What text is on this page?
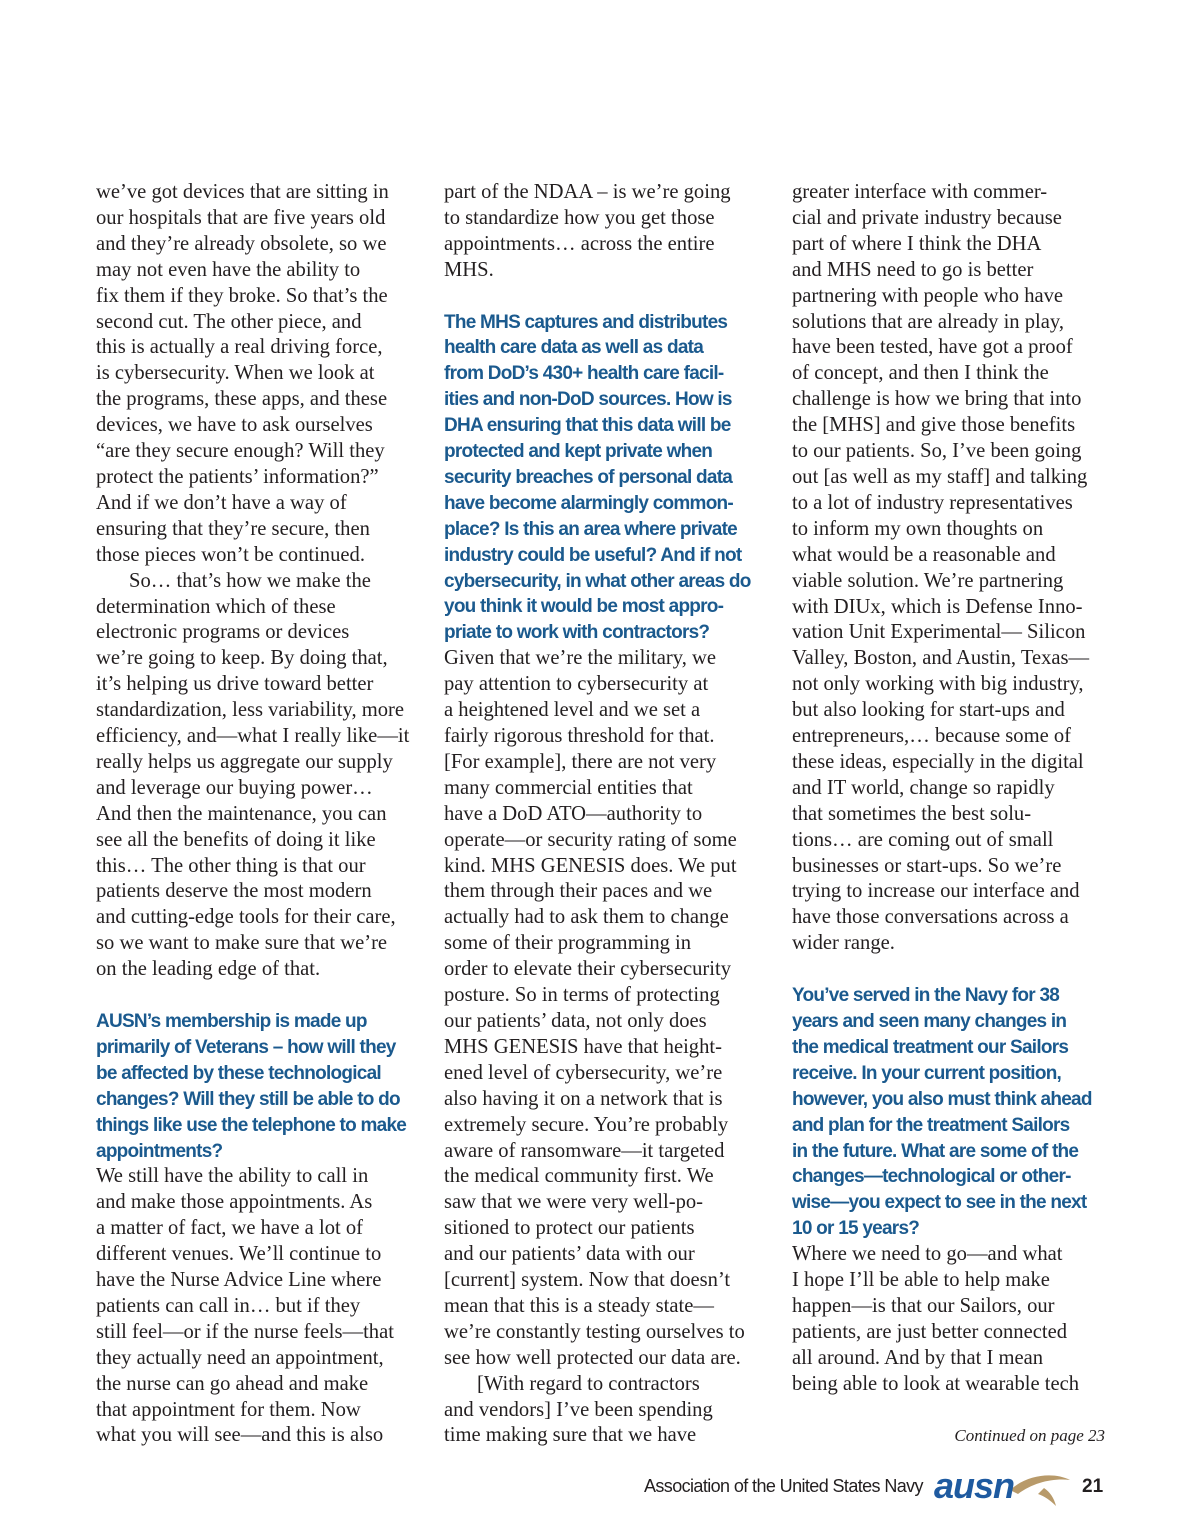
we’ve got devices that are sitting in
our hospitals that are five years old
and they’re already obsolete, so we
may not even have the ability to
fix them if they broke. So that’s the
second cut. The other piece, and
this is actually a real driving force,
is cybersecurity. When we look at
the programs, these apps, and these
devices, we have to ask ourselves
“are they secure enough? Will they
protect the patients’ information?”
And if we don’t have a way of
ensuring that they’re secure, then
those pieces won’t be continued.

So… that’s how we make the
determination which of these
electronic programs or devices
we’re going to keep. By doing that,
it’s helping us drive toward better
standardization, less variability, more
efficiency, and—what I really like—it
really helps us aggregate our supply
and leverage our buying power…
And then the maintenance, you can
see all the benefits of doing it like
this… The other thing is that our
patients deserve the most modern
and cutting-edge tools for their care,
so we want to make sure that we’re
on the leading edge of that.

AUSN’s membership is made up
primarily of Veterans – how will they
be affected by these technological
changes? Will they still be able to do
things like use the telephone to make
appointments?

We still have the ability to call in
and make those appointments. As
a matter of fact, we have a lot of
different venues. We’ll continue to
have the Nurse Advice Line where
patients can call in… but if they
still feel—or if the nurse feels—that
they actually need an appointment,
the nurse can go ahead and make
that appointment for them. Now
what you will see—and this is also

part of the NDAA – is we’re going
to standardize how you get those
appointments… across the entire
MHS.

The MHS captures and distributes
health care data as well as data
from DoD’s 430+ health care facil-
ities and non-DoD sources. How is
DHA ensuring that this data will be
protected and kept private when
security breaches of personal data
have become alarmingly common-
place? Is this an area where private
industry could be useful? And if not
cybersecurity, in what other areas do
you think it would be most appro-
priate to work with contractors?

Given that we’re the military, we
pay attention to cybersecurity at
a heightened level and we set a
fairly rigorous threshold for that.
[For example], there are not very
many commercial entities that
have a DoD ATO—authority to
operate—or security rating of some
kind. MHS GENESIS does. We put
them through their paces and we
actually had to ask them to change
some of their programming in
order to elevate their cybersecurity
posture. So in terms of protecting
our patients’ data, not only does
MHS GENESIS have that height-
ened level of cybersecurity, we’re
also having it on a network that is
extremely secure. You’re probably
aware of ransomware—it targeted
the medical community first. We
saw that we were very well-po-
sitioned to protect our patients
and our patients’ data with our
[current] system. Now that doesn’t
mean that this is a steady state—
we’re constantly testing ourselves to
see how well protected our data are.

[With regard to contractors
and vendors] I’ve been spending
time making sure that we have

greater interface with commer-
cial and private industry because
part of where I think the DHA
and MHS need to go is better
partnering with people who have
solutions that are already in play,
have been tested, have got a proof
of concept, and then I think the
challenge is how we bring that into
the [MHS] and give those benefits
to our patients. So, I’ve been going
out [as well as my staff] and talking
to a lot of industry representatives
to inform my own thoughts on
what would be a reasonable and
viable solution. We’re partnering
with DIUx, which is Defense Inno-
vation Unit Experimental— Silicon
Valley, Boston, and Austin, Texas—
not only working with big industry,
but also looking for start-ups and
entrepreneurs,… because some of
these ideas, especially in the digital
and IT world, change so rapidly
that sometimes the best solu-
tions… are coming out of small
businesses or start-ups. So we’re
trying to increase our interface and
have those conversations across a
wider range.

You’ve served in the Navy for 38
years and seen many changes in
the medical treatment our Sailors
receive. In your current position,
however, you also must think ahead
and plan for the treatment Sailors
in the future. What are some of the
changes—technological or other-
wise—you expect to see in the next
10 or 15 years?

Where we need to go—and what
I hope I’ll be able to help make
happen—is that our Sailors, our
patients, are just better connected
all around. And by that I mean
being able to look at wearable tech

Continued on page 23
Association of the United States Navy ausn	21
